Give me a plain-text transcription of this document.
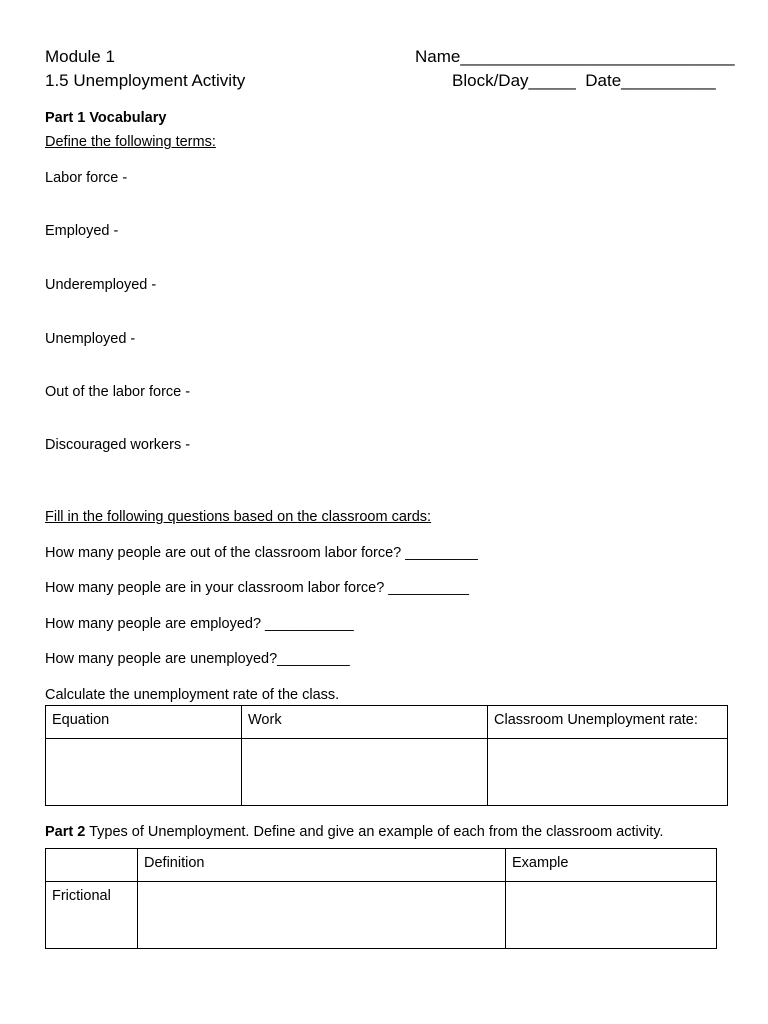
Module 1
1.5 Unemployment Activity
Name_____________________________
Block/Day_____  Date__________
Part 1 Vocabulary
Define the following terms:
Labor force -
Employed -
Underemployed -
Unemployed -
Out of the labor force -
Discouraged workers -
Fill in the following questions based on the classroom cards:
How many people are out of the classroom labor force? _________
How many people are in your classroom labor force? __________
How many people are employed? ___________
How many people are unemployed?_________
Calculate the unemployment rate of the class.
Equation	Work	Classroom Unemployment rate:

Part 2 Types of Unemployment. Define and give an example of each from the classroom activity.
	Definition	Example
Frictional		
